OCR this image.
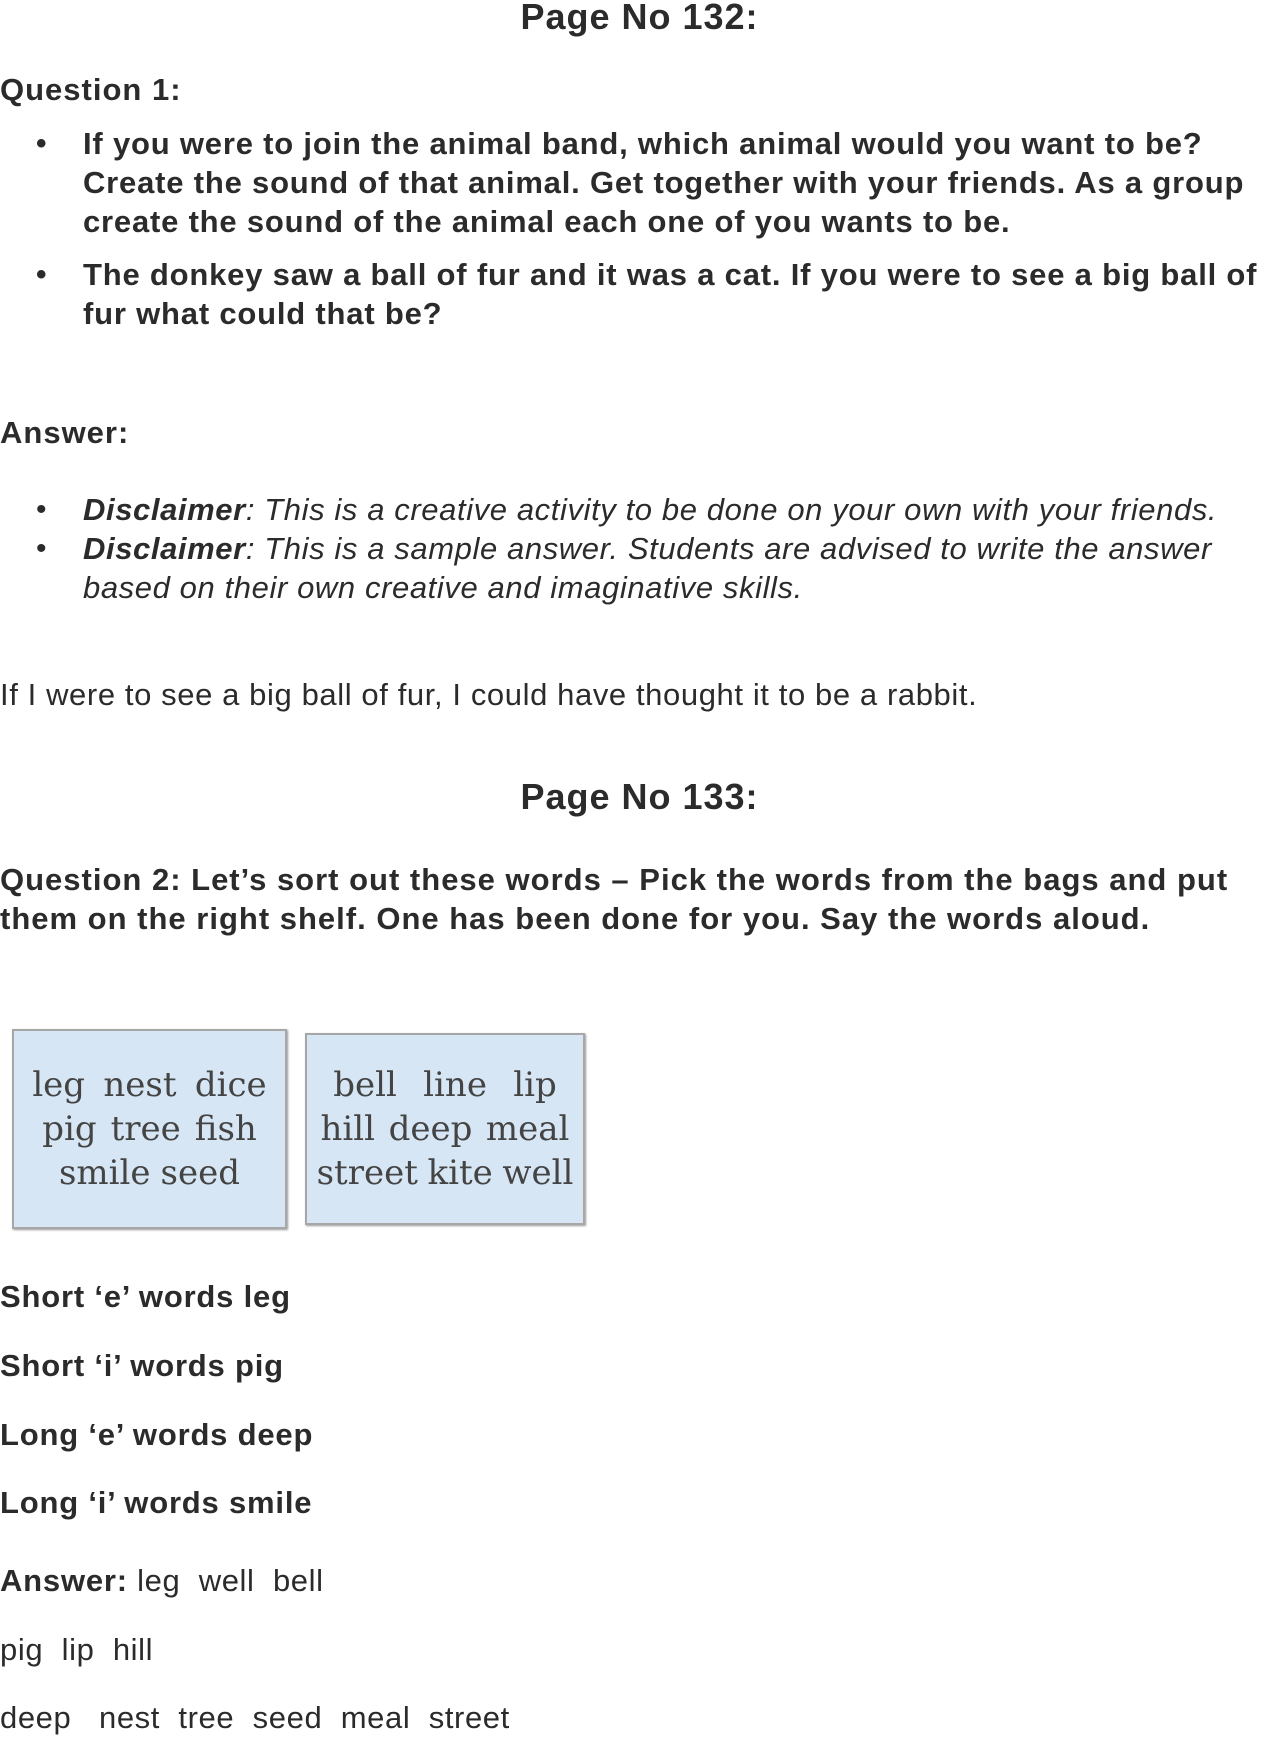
Page No 132:

Question 1:

• If you were to join the animal band, which animal would you want to be? Create the sound of that animal. Get together with your friends. As a group create the sound of the animal each one of you wants to be.
• The donkey saw a ball of fur and it was a cat. If you were to see a big ball of fur what could that be?

Answer:

• Disclaimer: This is a creative activity to be done on your own with your friends.
• Disclaimer: This is a sample answer. Students are advised to write the answer based on their own creative and imaginative skills.

If I were to see a big ball of fur, I could have thought it to be a rabbit.

Page No 133:

Question 2: Let’s sort out these words – Pick the words from the bags and put them on the right shelf. One has been done for you. Say the words aloud.

leg nest dice
pig tree fish
smile seed
bell line lip
hill deep meal
street kite well

Short ‘e’ words leg

Short ‘i’ words pig

Long ‘e’ words deep

Long ‘i’ words smile

Answer: leg  well  bell

pig  lip  hill

deep   nest  tree  seed  meal  street
